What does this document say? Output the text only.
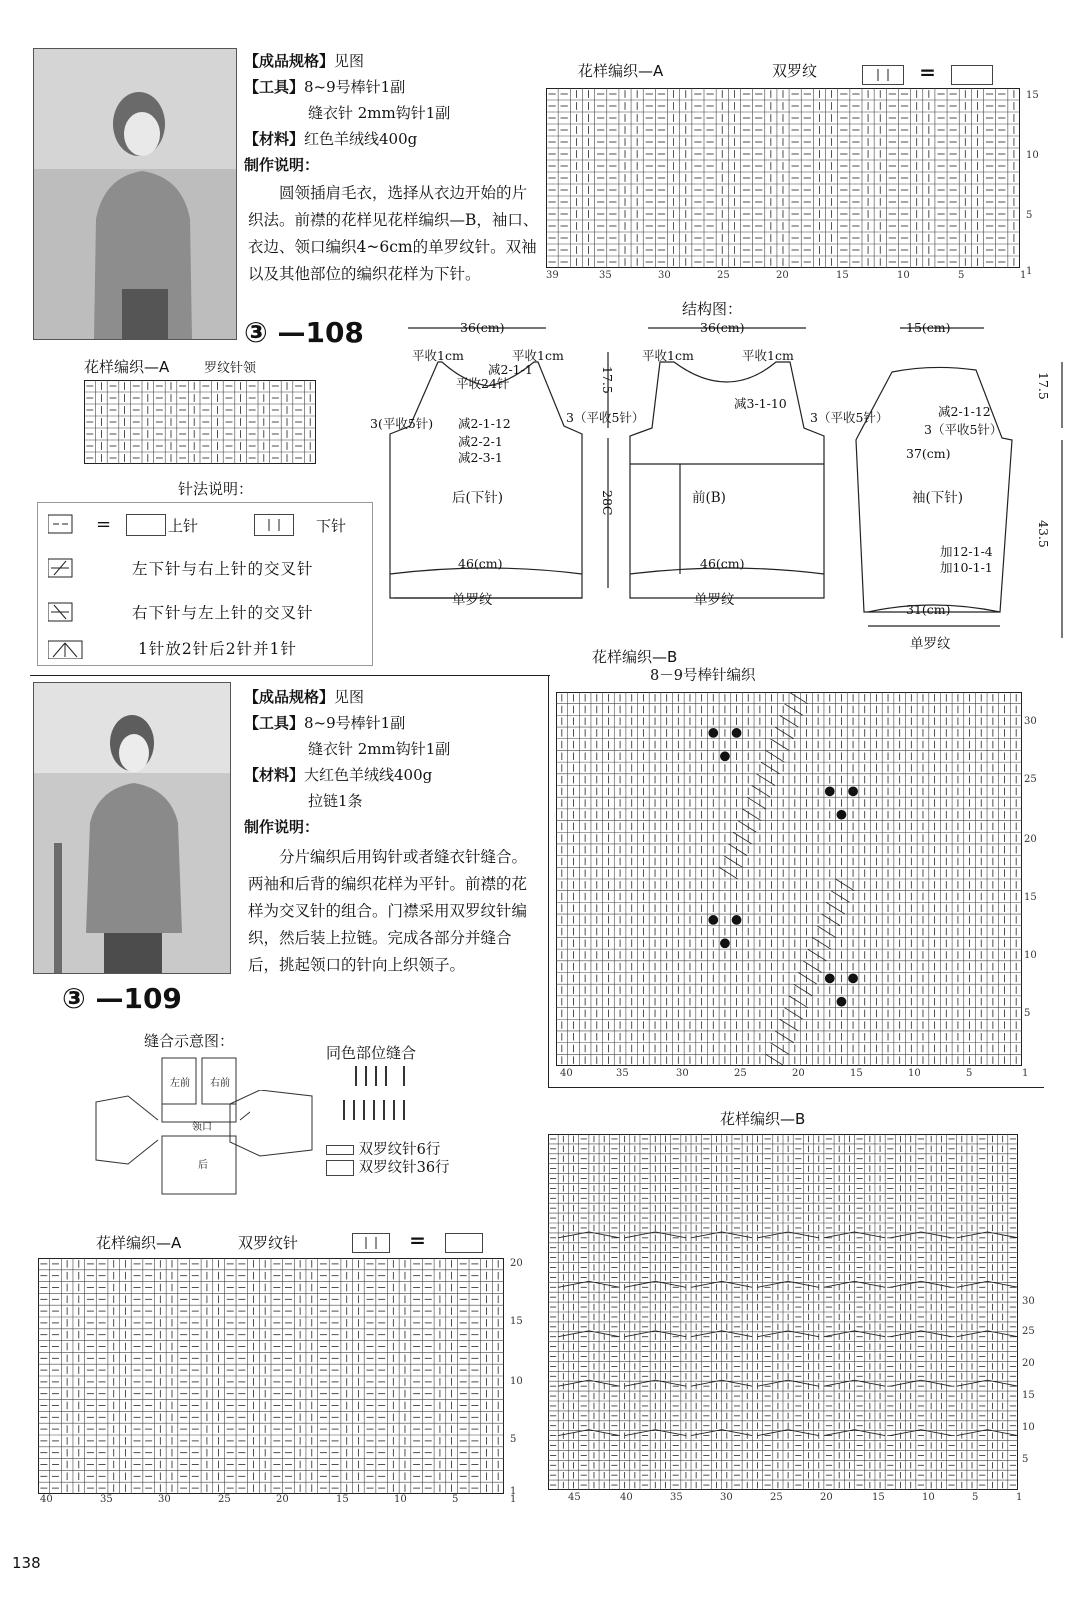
【成品规格】见图
【工具】8~9号棒针1副
缝衣针 2mm钩针1副
【材料】红色羊绒线400g
制作说明：
圆领插肩毛衣，选择从衣边开始的片织法。前襟的花样见花样编织—B，袖口、衣边、领口编织4~6cm的单罗纹针。双袖以及其他部位的编织花样为下针。
③ —108
花样编织—A	罗纹针领
针法说明：
=	上针	下针
左下针与右上针的交叉针
右下针与左上针的交叉针
1针放2针后2针并1针
花样编织—A	双罗纹	=
39	35	30	25	20	15	10	5	1
15
10
5
1
结构图：
36(cm)
平收1cm	平收1cm
减2-1-1
平收24针
3(平收5针)	3（平收5针）
减2-1-12
减2-2-1
减2-3-1
后(下针)
46(cm)
单罗纹
17.5
28C
36(cm)
平收1cm	平收1cm
减3-1-10
3（平收5针）
前(B)
46(cm)
单罗纹
15(cm)
减2-1-12
3（平收5针）
37(cm)
袖(下针)
加12-1-4
加10-1-1
31(cm)
单罗纹
17.5
43.5
【成品规格】见图
【工具】8~9号棒针1副
缝衣针 2mm钩针1副
【材料】大红色羊绒线400g
拉链1条
制作说明：
分片编织后用钩针或者缝衣针缝合。两袖和后背的编织花样为平针。前襟的花样为交叉针的组合。门襟采用双罗纹针编织，然后装上拉链。完成各部分并缝合后，挑起领口的针向上织领子。
③ —109
缝合示意图：
左前 右前
领口
后
同色部位缝合
双罗纹针6行
双罗纹针36行
花样编织—B
8－9号棒针编织
40	35	30	25	20	15	10	5	1
30
25
20
15
10
5
花样编织—A	双罗纹针	=
40	35	30	25	20	15	10	5	1
20
15
10
5
1
花样编织—B
45	40	35	30	25	20	15	10	5	1
30
25
20
15
10
5
138
